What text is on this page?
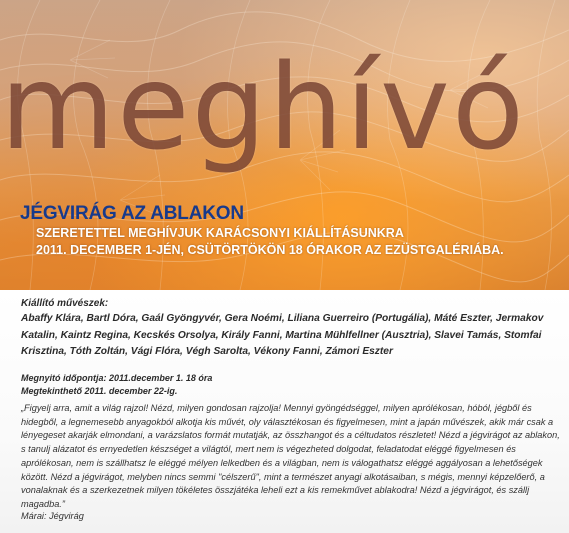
meghívó
JÉGVIRÁG AZ ABLAKON
SZERETETTEL MEGHÍVJUK KARÁCSONYI KIÁLLÍTÁSUNKRA
2011. DECEMBER 1-JÉN, CSÜTÖRTÖKÖN 18 ÓRAKOR AZ EZÜSTGALÉRIÁBA.
Kiállító művészek:
Abaffy Klára, Bartl Dóra, Gaál Gyöngyvér, Gera Noémi, Liliana Guerreiro (Portugália), Máté Eszter, Jermakov Katalin, Kaintz Regina, Kecskés Orsolya, Király Fanni, Martina Mühlfellner (Ausztria), Slavei Tamás, Stomfai Krisztina, Tóth Zoltán, Vági Flóra, Végh Sarolta, Vékony Fanni, Zámori Eszter
Megnyitó időpontja: 2011.december 1. 18 óra
Megtekinthető 2011. december 22-ig.
„Figyelj arra, amit a világ rajzol! Nézd, milyen gondosan rajzolja! Mennyi gyöngédséggel, milyen aprólékosan, hóból, jégből és hidegből, a legnemesebb anyagokból alkotja kis művét, oly választékosan és figyelmesen, mint a japán művészek, akik már csak a lényegeset akarják elmondani, a varázslatos formát mutatják, az összhangot és a céltudatos részletet! Nézd a jégvirágot az ablakon, s tanulj alázatot és ernyedetlen készséget a világtól, mert nem is végezheted dolgodat, feladatodat eléggé figyelmesen és aprólékosan, nem is szállhatsz le eléggé mélyen lelkedben és a világban, nem is válogathatsz eléggé aggályosan a lehetőségek között. Nézd a jégvirágot, melyben nincs semmi "célszerű", mint a természet anyagi alkotásaiban, s mégis, mennyi képzelőerő, a vonalaknak és a szerkezetnek milyen tökéletes összjátéka leheli ezt a kis remekművet ablakodra! Nézd a jégvirágot, és szállj magadba.”
Márai: Jégvirág
